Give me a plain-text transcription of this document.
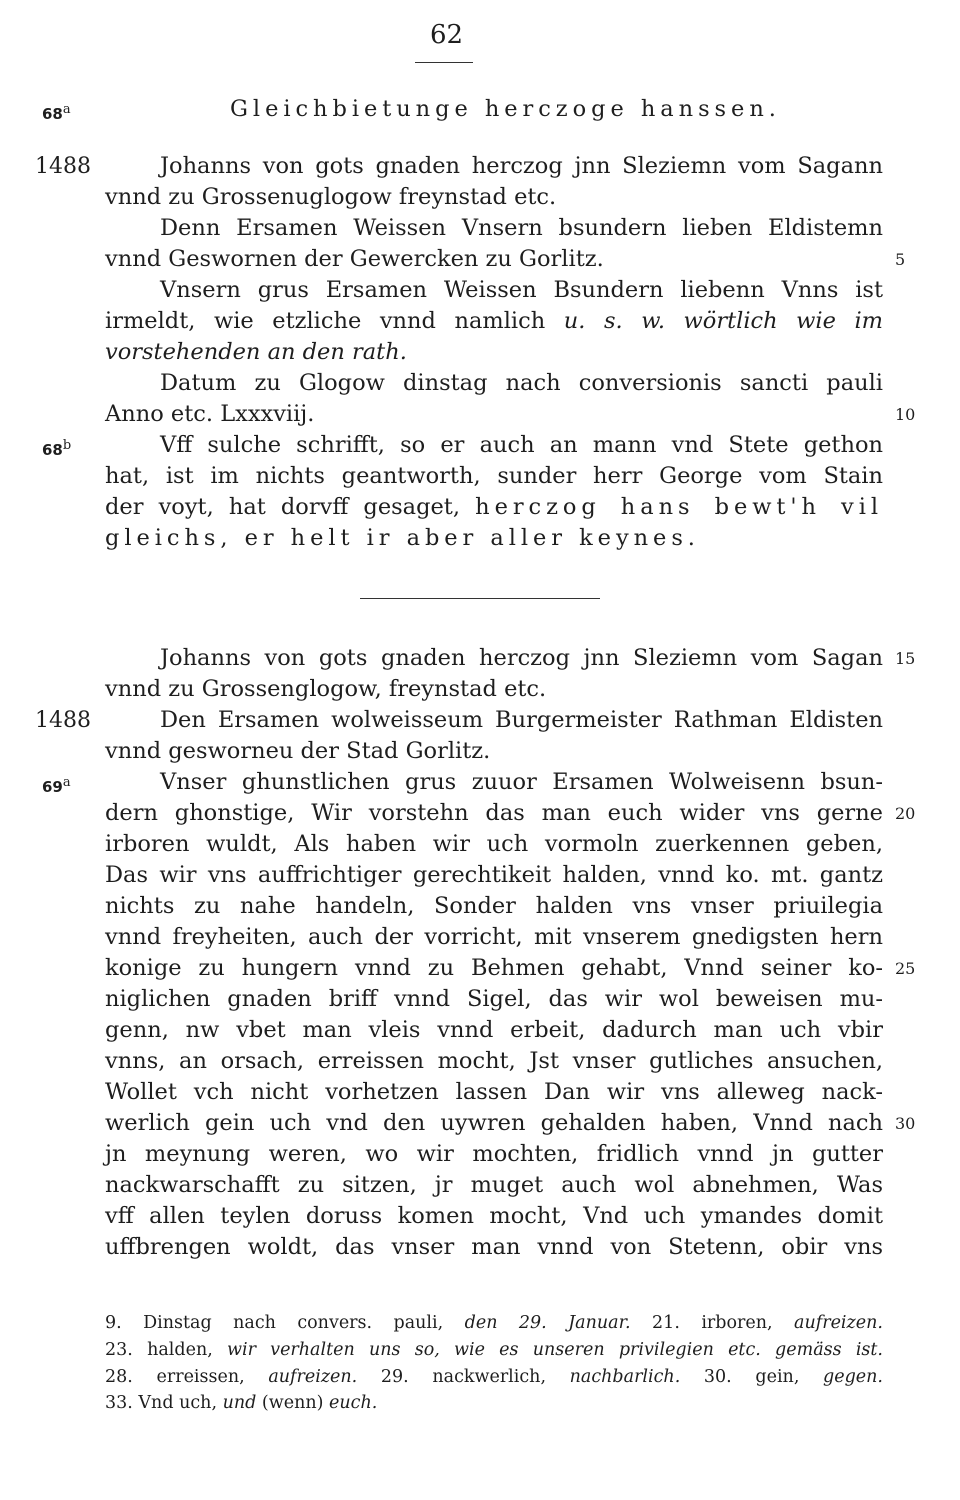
62
68$^a$	Gleichbietunge herczoge hanssen.
1488	Johanns von gots gnaden herczog jnn Sleziemn vom Sagann
vnnd zu Grossenuglogow freynstad etc.
Denn Ersamen Weissen Vnsern bsundern lieben Eldistemn
vnnd Geswornen der Gewercken zu Gorlitz.	5
Vnsern grus Ersamen Weissen Bsundern liebenn Vnns ist
irmeldt, wie etzliche vnnd namlich u. s. w. wörtlich wie im
vorstehenden an den rath.
Datum zu Glogow dinstag nach conversionis sancti pauli
Anno etc. Lxxxviij.	10
68$^b$	Vff sulche schrifft, so er auch an mann vnd Stete gethon
hat, ist im nichts geantworth, sunder herr George vom Stain
der voyt, hat dorvff gesaget, herczog hans bewt'h vil
gleichs, er helt ir aber aller keynes.
Johanns von gots gnaden herczog jnn Sleziemn vom Sagan 15
vnnd zu Grossenglogow, freynstad etc.
1488	Den Ersamen wolweisseum Burgermeister Rathman Eldisten
vnnd gesworneu der Stad Gorlitz.
69$^a$	Vnser ghunstlichen grus zuuor Ersamen Wolweisenn bsun-
dern ghonstige, Wir vorstehn das man euch wider vns gerne 20
irboren wuldt, Als haben wir uch vormoln zuerkennen geben,
Das wir vns auffrichtiger gerechtikeit halden, vnnd ko. mt. gantz
nichts zu nahe handeln, Sonder halden vns vnser priuilegia
vnnd freyheiten, auch der vorricht, mit vnserem gnedigsten hern
konige zu hungern vnnd zu Behmen gehabt, Vnnd seiner ko- 25
niglichen gnaden briff vnnd Sigel, das wir wol beweisen mu-
genn, nw vbet man vleis vnnd erbeit, dadurch man uch vbir
vnns, an orsach, erreissen mocht, Jst vnser gutliches ansuchen,
Wollet vch nicht vorhetzen lassen Dan wir vns alleweg nack-
werlich gein uch vnd den uywren gehalden haben, Vnnd nach 30
jn meynung weren, wo wir mochten, fridlich vnnd jn gutter
nackwarschafft zu sitzen, jr muget auch wol abnehmen, Was
vff allen teylen doruss komen mocht, Vnd uch ymandes domit
uffbrengen woldt, das vnser man vnnd von Stetenn, obir vns
9. Dinstag nach convers. pauli, den 29. Januar. 21. irboren, aufreizen.
23. halden, wir verhalten uns so, wie es unseren privilegien etc. gemäss ist.
28. erreissen, aufreizen. 29. nackwerlich, nachbarlich. 30. gein, gegen.
33. Vnd uch, und (wenn) euch.
